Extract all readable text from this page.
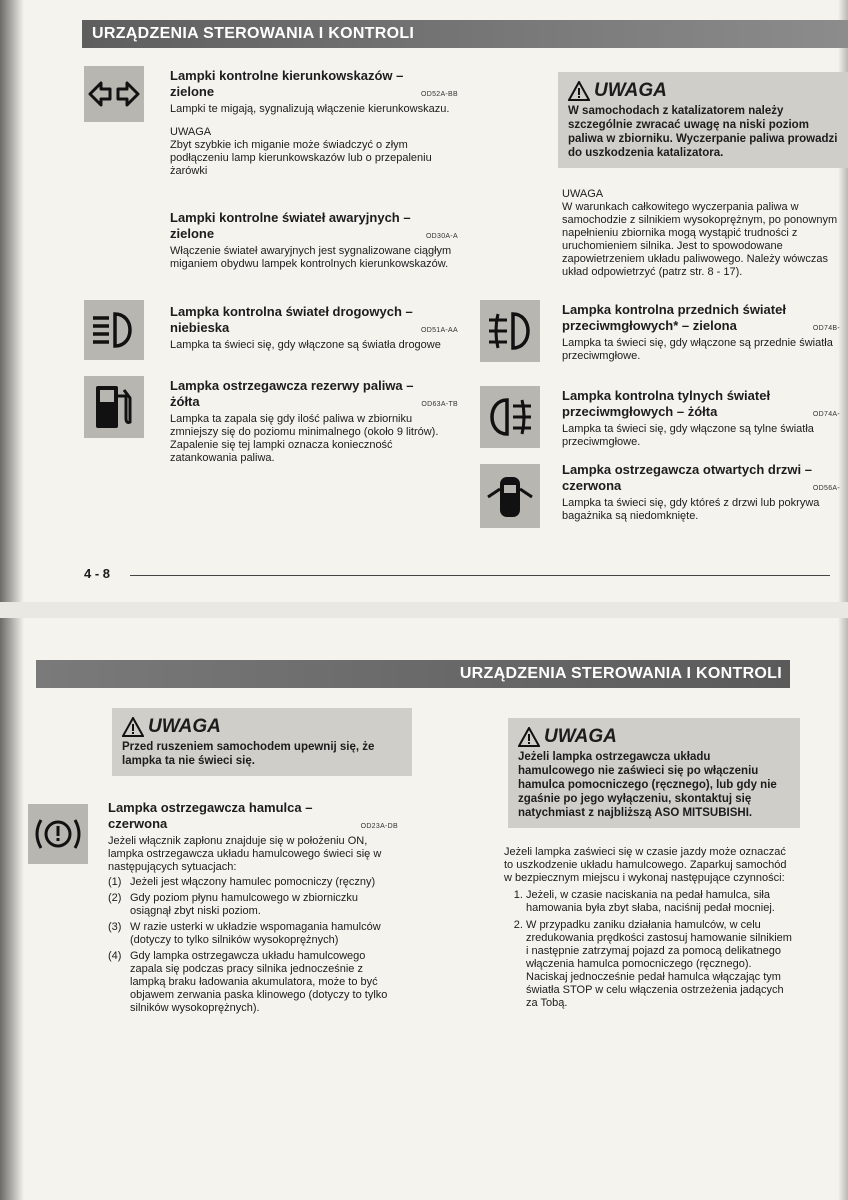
URZĄDZENIA STEROWANIA I KONTROLI
Lampki kontrolne kierunkowskazów –
zielone	OD52A-BB

Lampki te migają, sygnalizują włączenie kierunkowskazu.

UWAGA

Zbyt szybkie ich miganie może świadczyć o złym podłączeniu lamp kierunkowskazów lub o przepaleniu żarówki

Lampki kontrolne świateł awaryjnych –
zielone	OD30A-A

Włączenie świateł awaryjnych jest sygnalizowane ciągłym miganiem obydwu lampek kontrolnych kierunkowskazów.

Lampka kontrolna świateł drogowych –
niebieska	OD51A-AA

Lampka ta świeci się, gdy włączone są światła drogowe

Lampka ostrzegawcza rezerwy paliwa –
żółta	OD63A-TB

Lampka ta zapala się gdy ilość paliwa w zbiorniku zmniejszy się do poziomu minimalnego (około 9 litrów). Zapalenie się tej lampki oznacza konieczność zatankowania paliwa.

UWAGA
W samochodach z katalizatorem należy szczególnie zwracać uwagę na niski poziom paliwa w zbiorniku. Wyczerpanie paliwa prowadzi do uszkodzenia katalizatora.

UWAGA

W warunkach całkowitego wyczerpania paliwa w samochodzie z silnikiem wysokoprężnym, po ponownym napełnieniu zbiornika mogą wystąpić trudności z uruchomieniem silnika. Jest to spowodowane zapowietrzeniem układu paliwowego. Należy wówczas układ odpowietrzyć (patrz str. 8 - 17).

Lampka kontrolna przednich świateł
przeciwmgłowych* – zielona	OD74B-

Lampka ta świeci się, gdy włączone są przednie światła przeciwmgłowe.

Lampka kontrolna tylnych świateł
przeciwmgłowych – żółta	OD74A-

Lampka ta świeci się, gdy włączone są tylne światła przeciwmgłowe.

Lampka ostrzegawcza otwartych drzwi –
czerwona	OD56A-

Lampka ta świeci się, gdy któreś z drzwi lub pokrywa bagażnika są niedomknięte.

4 - 8
URZĄDZENIA STEROWANIA I KONTROLI
UWAGA
Przed ruszeniem samochodem upewnij się, że lampka ta nie świeci się.
Lampka ostrzegawcza hamulca –
czerwona	OD23A-DB

Jeżeli włącznik zapłonu znajduje się w położeniu ON, lampka ostrzegawcza układu hamulcowego świeci się w następujących sytuacjach:

(1) Jeżeli jest włączony hamulec pomocniczy (ręczny)
(2) Gdy poziom płynu hamulcowego w zbiorniczku osiągnął zbyt niski poziom.
(3) W razie usterki w układzie wspomagania hamulców (dotyczy to tylko silników wysokoprężnych)
(4) Gdy lampka ostrzegawcza układu hamulcowego zapala się podczas pracy silnika jednocześnie z lampką braku ładowania akumulatora, może to być objawem zerwania paska klinowego (dotyczy to tylko silników wysokoprężnych).
UWAGA
Jeżeli lampka ostrzegawcza układu hamulcowego nie zaświeci się po włączeniu hamulca pomocniczego (ręcznego), lub gdy nie zgaśnie po jego wyłączeniu, skontaktuj się natychmiast z najbliższą ASO MITSUBISHI.

Jeżeli lampka zaświeci się w czasie jazdy może oznaczać to uszkodzenie układu hamulcowego. Zaparkuj samochód w bezpiecznym miejscu i wykonaj następujące czynności:

1. Jeżeli, w czasie naciskania na pedał hamulca, siła hamowania była zbyt słaba, naciśnij pedał mocniej.
2. W przypadku zaniku działania hamulców, w celu zredukowania prędkości zastosuj hamowanie silnikiem i następnie zatrzymaj pojazd za pomocą delikatnego włączenia hamulca pomocniczego (ręcznego).
Naciskaj jednocześnie pedał hamulca włączając tym światła STOP w celu włączenia ostrzeżenia jadących za Tobą.
